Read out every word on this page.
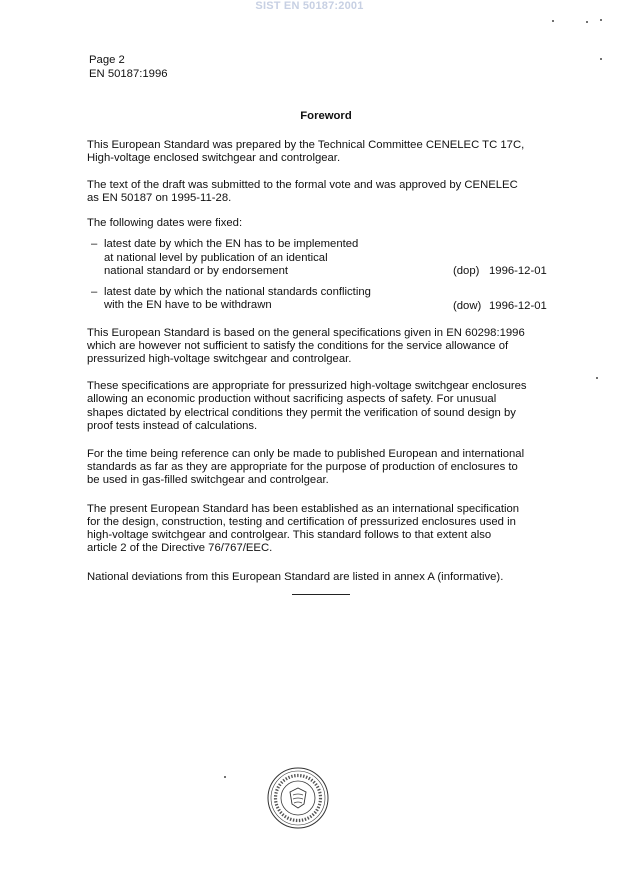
SIST EN 50187:2001
Page 2
EN 50187:1996
Foreword
This European Standard was prepared by the Technical Committee CENELEC TC 17C,
High-voltage enclosed switchgear and controlgear.
The text of the draft was submitted to the formal vote and was approved by CENELEC
as EN 50187 on 1995-11-28.
The following dates were fixed:
– latest date by which the EN has to be implemented
at national level by publication of an identical
national standard or by endorsement	(dop) 1996-12-01
– latest date by which the national standards conflicting
with the EN have to be withdrawn	(dow) 1996-12-01
This European Standard is based on the general specifications given in EN 60298:1996
which are however not sufficient to satisfy the conditions for the service allowance of
pressurized high-voltage switchgear and controlgear.
These specifications are appropriate for pressurized high-voltage switchgear enclosures
allowing an economic production without sacrificing aspects of safety. For unusual
shapes dictated by electrical conditions they permit the verification of sound design by
proof tests instead of calculations.
For the time being reference can only be made to published European and international
standards as far as they are appropriate for the purpose of production of enclosures to
be used in gas-filled switchgear and controlgear.
The present European Standard has been established as an international specification
for the design, construction, testing and certification of pressurized enclosures used in
high-voltage switchgear and controlgear. This standard follows to that extent also
article 2 of the Directive 76/767/EEC.
National deviations from this European Standard are listed in annex A (informative).
